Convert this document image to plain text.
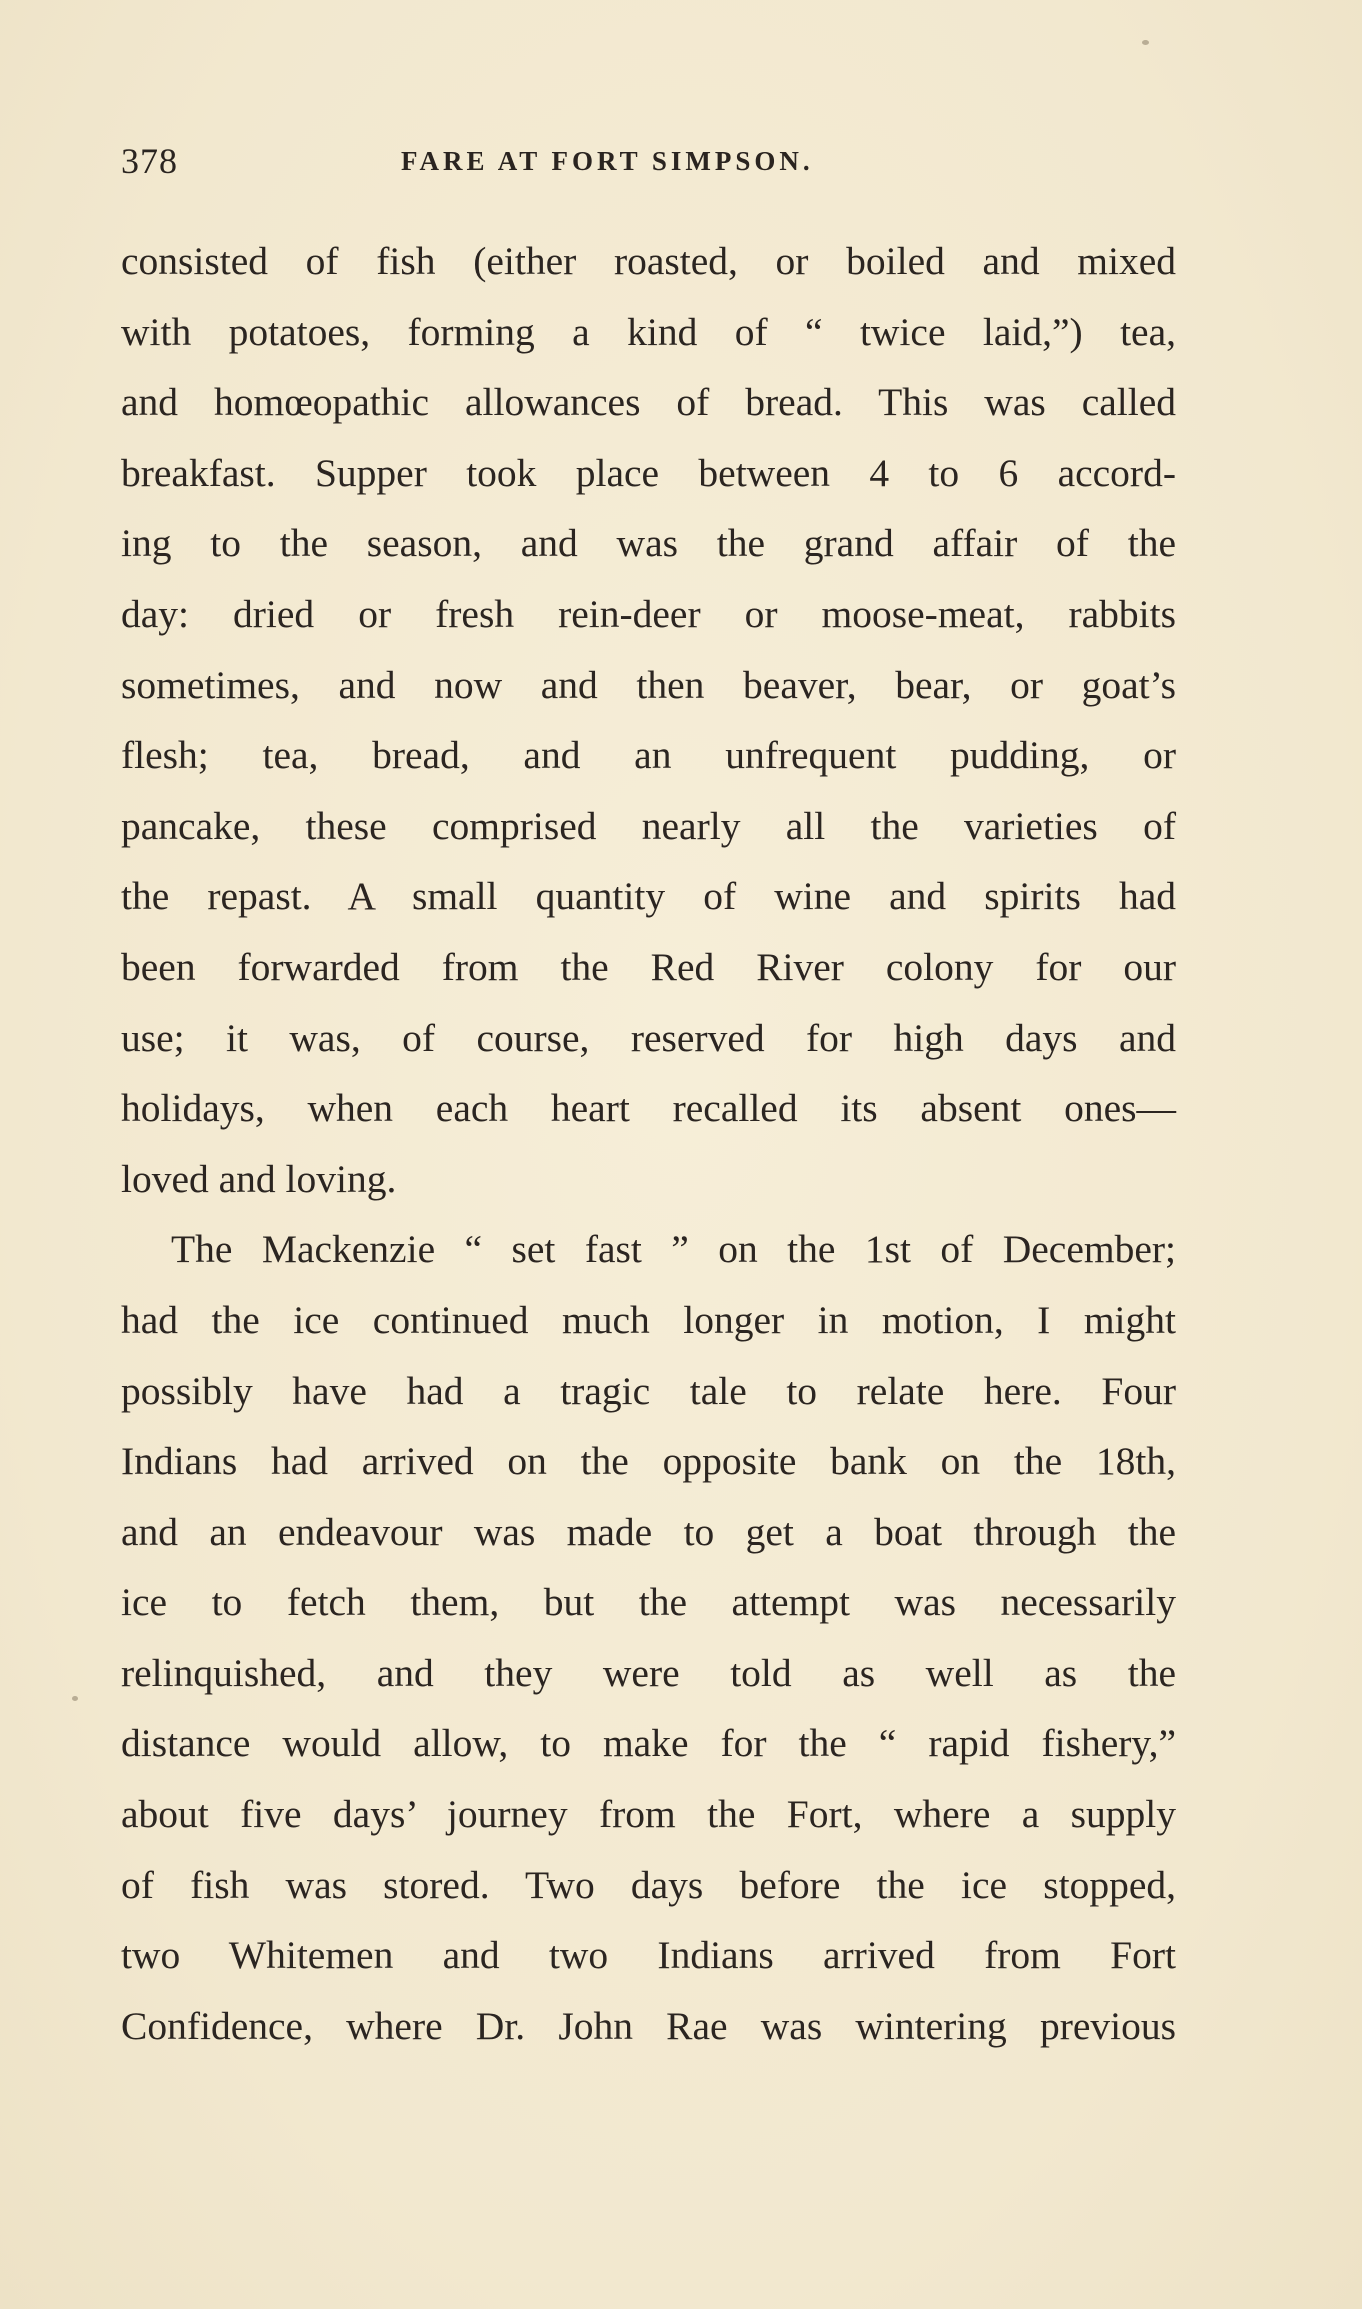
378	FARE AT FORT SIMPSON.
consisted of fish (either roasted, or boiled and mixed
with potatoes, forming a kind of “ twice laid,”) tea,
and homœopathic allowances of bread. This was called
breakfast. Supper took place between 4 to 6 accord-
ing to the season, and was the grand affair of the
day: dried or fresh rein-deer or moose-meat, rabbits
sometimes, and now and then beaver, bear, or goat’s
flesh; tea, bread, and an unfrequent pudding, or
pancake, these comprised nearly all the varieties of
the repast. A small quantity of wine and spirits had
been forwarded from the Red River colony for our
use; it was, of course, reserved for high days and
holidays, when each heart recalled its absent ones—
loved and loving.
The Mackenzie “ set fast ” on the 1st of December;
had the ice continued much longer in motion, I might
possibly have had a tragic tale to relate here. Four
Indians had arrived on the opposite bank on the 18th,
and an endeavour was made to get a boat through the
ice to fetch them, but the attempt was necessarily
relinquished, and they were told as well as the
distance would allow, to make for the “ rapid fishery,”
about five days’ journey from the Fort, where a supply
of fish was stored. Two days before the ice stopped,
two Whitemen and two Indians arrived from Fort
Confidence, where Dr. John Rae was wintering previous
